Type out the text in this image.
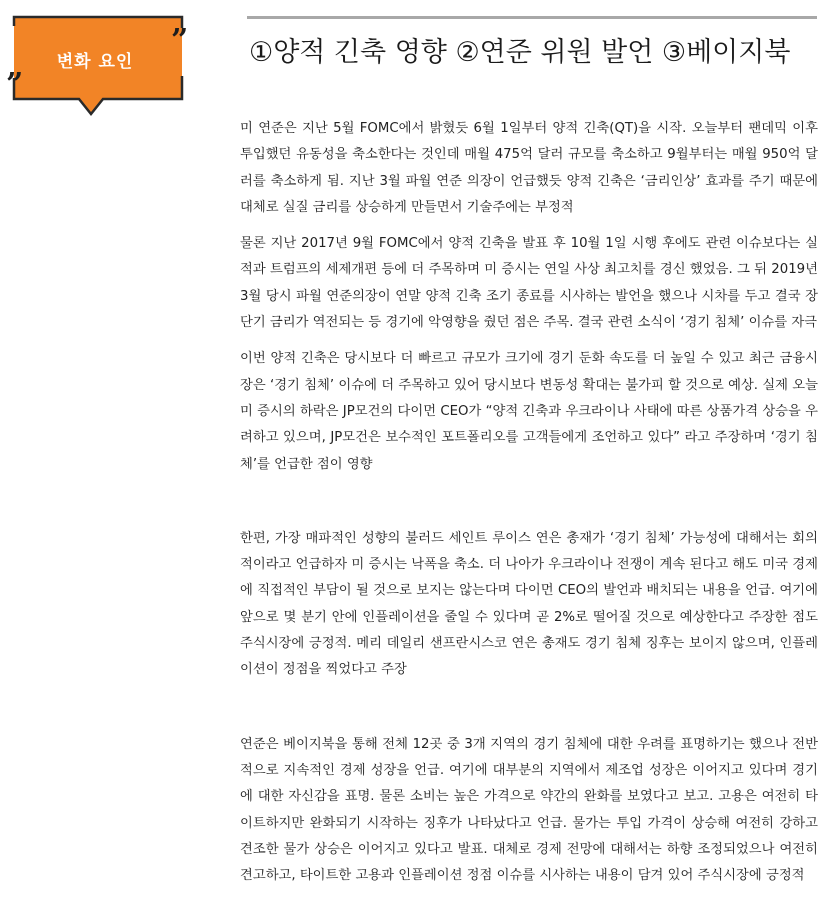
변화 요인
”
”
①양적 긴축 영향 ②연준 위원 발언 ③베이지북

미 연준은 지난 5월 FOMC에서 밝혔듯 6월 1일부터 양적 긴축(QT)을 시작. 오늘부터 팬데믹 이후 투입했던 유동성을 축소한다는 것인데 매월 475억 달러 규모를 축소하고 9월부터는 매월 950억 달러를 축소하게 됨. 지난 3월 파월 연준 의장이 언급했듯 양적 긴축은 ‘금리인상’ 효과를 주기 때문에 대체로 실질 금리를 상승하게 만들면서 기술주에는 부정적

물론 지난 2017년 9월 FOMC에서 양적 긴축을 발표 후 10월 1일 시행 후에도 관련 이슈보다는 실적과 트럼프의 세제개편 등에 더 주목하며 미 증시는 연일 사상 최고치를 경신 했었음. 그 뒤 2019년 3월 당시 파월 연준의장이 연말 양적 긴축 조기 종료를 시사하는 발언을 했으나 시차를 두고 결국 장단기 금리가 역전되는 등 경기에 악영향을 줬던 점은 주목. 결국 관련 소식이 ‘경기 침체’ 이슈를 자극

이번 양적 긴축은 당시보다 더 빠르고 규모가 크기에 경기 둔화 속도를 더 높일 수 있고 최근 금융시장은 ‘경기 침체’ 이슈에 더 주목하고 있어 당시보다 변동성 확대는 불가피 할 것으로 예상. 실제 오늘 미 증시의 하락은 JP모건의 다이먼 CEO가 “양적 긴축과 우크라이나 사태에 따른 상품가격 상승을 우려하고 있으며, JP모건은 보수적인 포트폴리오를 고객들에게 조언하고 있다” 라고 주장하며 ‘경기 침체’를 언급한 점이 영향

한편, 가장 매파적인 성향의 불러드 세인트 루이스 연은 총재가 ‘경기 침체’ 가능성에 대해서는 회의적이라고 언급하자 미 증시는 낙폭을 축소. 더 나아가 우크라이나 전쟁이 계속 된다고 해도 미국 경제에 직접적인 부담이 될 것으로 보지는 않는다며 다이먼 CEO의 발언과 배치되는 내용을 언급. 여기에 앞으로 몇 분기 안에 인플레이션을 줄일 수 있다며 곧 2%로 떨어질 것으로 예상한다고 주장한 점도 주식시장에 긍정적. 메리 데일리 샌프란시스코 연은 총재도 경기 침체 징후는 보이지 않으며, 인플레이션이 정점을 찍었다고 주장

연준은 베이지북을 통해 전체 12곳 중 3개 지역의 경기 침체에 대한 우려를 표명하기는 했으나 전반적으로 지속적인 경제 성장을 언급. 여기에 대부분의 지역에서 제조업 성장은 이어지고 있다며 경기에 대한 자신감을 표명. 물론 소비는 높은 가격으로 약간의 완화를 보였다고 보고. 고용은 여전히 타이트하지만 완화되기 시작하는 징후가 나타났다고 언급. 물가는 투입 가격이 상승해 여전히 강하고 견조한 물가 상승은 이어지고 있다고 발표. 대체로 경제 전망에 대해서는 하향 조정되었으나 여전히 견고하고, 타이트한 고용과 인플레이션 정점 이슈를 시사하는 내용이 담겨 있어 주식시장에 긍정적
